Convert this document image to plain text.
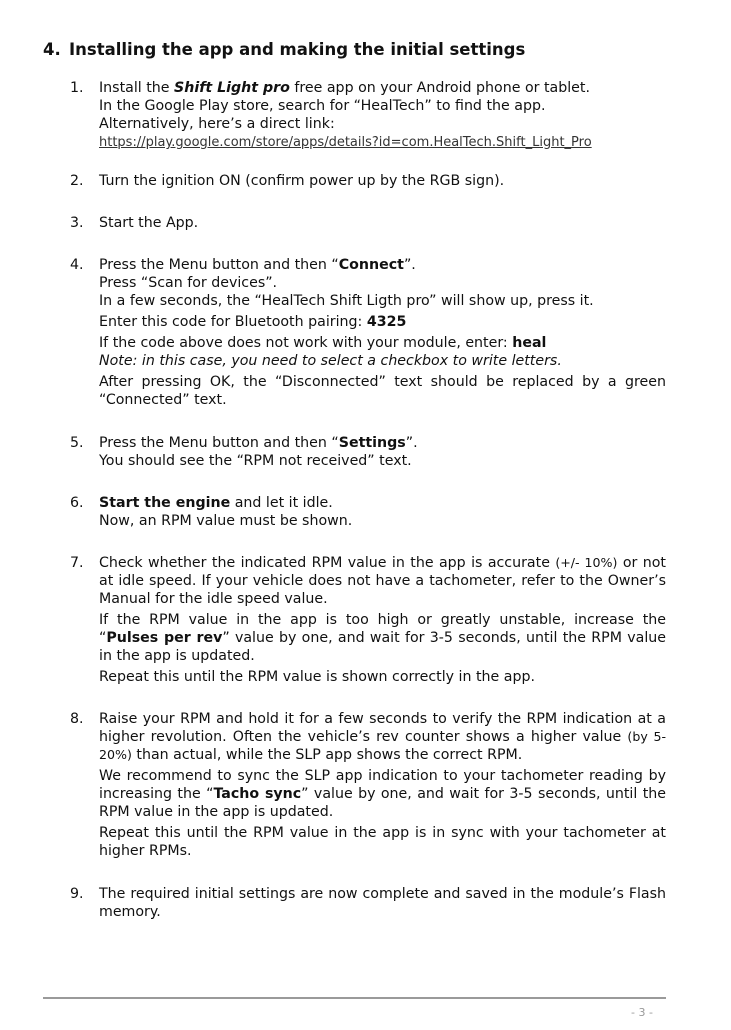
4. Installing the app and making the initial settings
1.	Install the Shift Light pro free app on your Android phone or tablet.

In the Google Play store, search for “HealTech” to find the app.

Alternatively, here’s a direct link:

https://play.google.com/store/apps/details?id=com.HealTech.Shift_Light_Pro

2.	Turn the ignition ON (confirm power up by the RGB sign).

3.	Start the App.

4.	Press the Menu button and then “Connect”.

Press “Scan for devices”.

In a few seconds, the “HealTech Shift Ligth pro” will show up, press it.

Enter this code for Bluetooth pairing: 4325

If the code above does not work with your module, enter: heal

Note: in this case, you need to select a checkbox to write letters.

After pressing OK, the “Disconnected” text should be replaced by a green “Connected” text.

5.	Press the Menu button and then “Settings”.

You should see the “RPM not received” text.

6.	Start the engine and let it idle.

Now, an RPM value must be shown.

7.	Check whether the indicated RPM value in the app is accurate (+/- 10%) or not at idle speed. If your vehicle does not have a tachometer, refer to the Owner’s Manual for the idle speed value.

If the RPM value in the app is too high or greatly unstable, increase the “Pulses per rev” value by one, and wait for 3-5 seconds, until the RPM value in the app is updated.

Repeat this until the RPM value is shown correctly in the app.

8.	Raise your RPM and hold it for a few seconds to verify the RPM indication at a higher revolution. Often the vehicle’s rev counter shows a higher value (by 5-20%) than actual, while the SLP app shows the correct RPM.

We recommend to sync the SLP app indication to your tachometer reading by increasing the “Tacho sync” value by one, and wait for 3-5 seconds, until the RPM value in the app is updated.

Repeat this until the RPM value in the app is in sync with your tachometer at higher RPMs.

9.	The required initial settings are now complete and saved in the module’s Flash memory.

- 3 -
